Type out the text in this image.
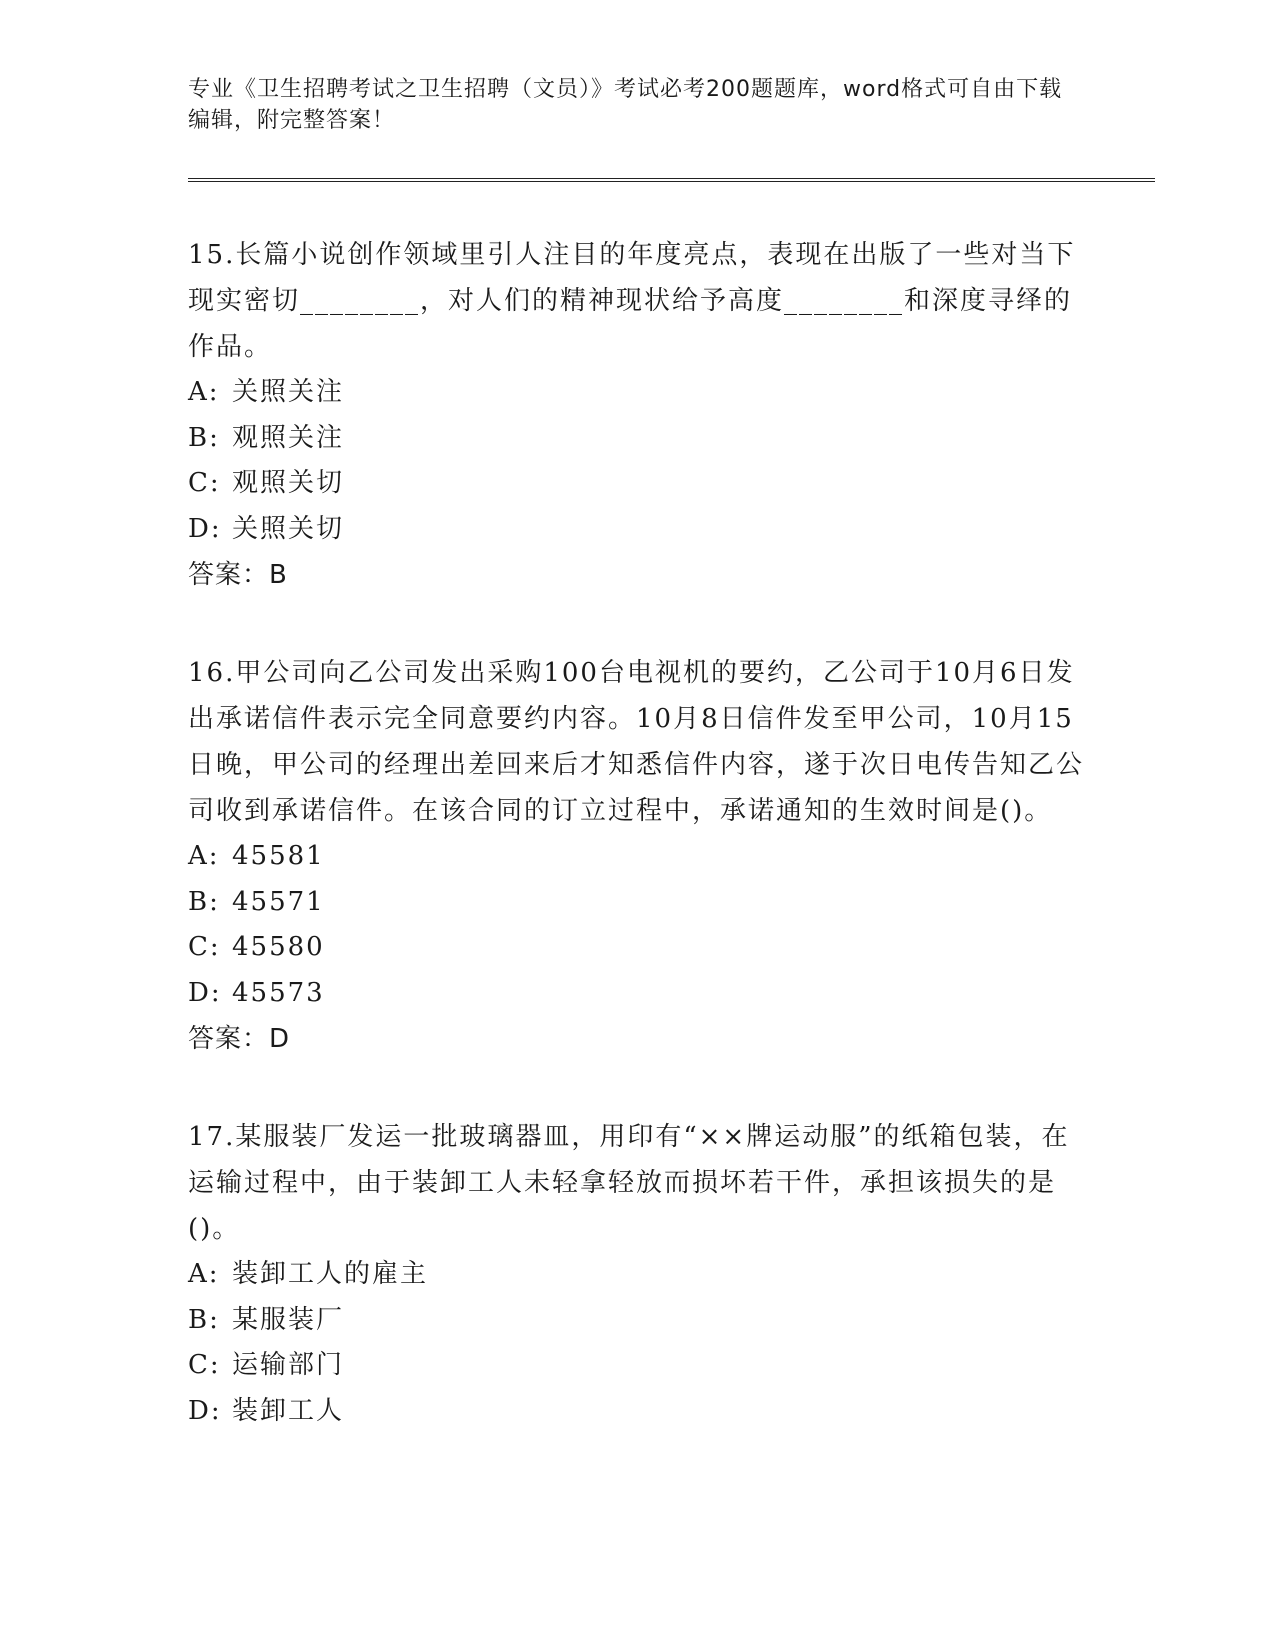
专业《卫生招聘考试之卫生招聘（文员）》考试必考200题题库，word格式可自由下载编辑，附完整答案！
15.长篇小说创作领域里引人注目的年度亮点，表现在出版了一些对当下现实密切________，对人们的精神现状给予高度________和深度寻绎的作品。
A: 关照关注
B: 观照关注
C: 观照关切
D: 关照关切
答案：B
16.甲公司向乙公司发出采购100台电视机的要约，乙公司于10月6日发出承诺信件表示完全同意要约内容。10月8日信件发至甲公司，10月15日晚，甲公司的经理出差回来后才知悉信件内容，遂于次日电传告知乙公司收到承诺信件。在该合同的订立过程中，承诺通知的生效时间是()。
A: 45581
B: 45571
C: 45580
D: 45573
答案：D
17.某服装厂发运一批玻璃器皿，用印有“××牌运动服”的纸箱包装，在运输过程中，由于装卸工人未轻拿轻放而损坏若干件，承担该损失的是()。
A: 装卸工人的雇主
B: 某服装厂
C: 运输部门
D: 装卸工人
